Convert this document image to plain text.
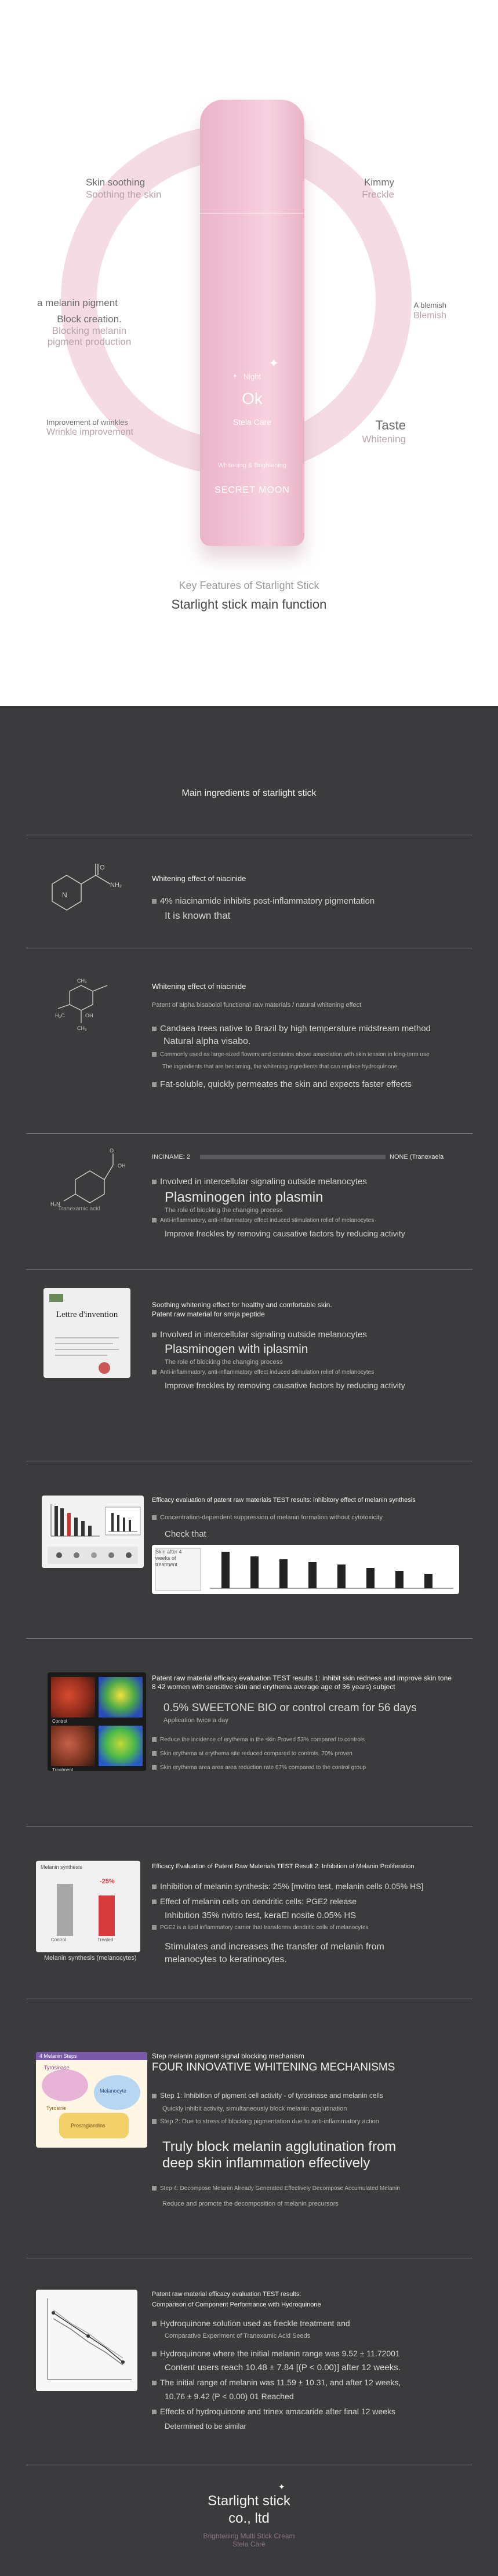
Night
✦
✦
Ok
Stela Care
Whitening & Brightening
SECRET MOON
Skin soothing
Soothing the skin
Kimmy
Freckle
a melanin pigment
Block creation.
Blocking melanin pigment production
A blemish
Blemish
Improvement of wrinkles
Wrinkle improvement	Taste
Whitening
Key Features of Starlight Stick
Starlight stick main function
Main ingredients of starlight stick
N
O
NH₂
Whitening effect of niacinide
4% niacinamide inhibits post-inflammatory pigmentation
It is known that
CH₃
H₃C	OH
CH₃
Whitening effect of niacinide
Patent of alpha bisabolol functional raw materials / natural whitening effect
Candaea trees native to Brazil by high temperature midstream method
Natural alpha visabo.
Commonly used as large-sized flowers and contains above association with skin tension in long-term use
The ingredients that are becoming, the whitening ingredients that can replace hydroquinone,
Fat-soluble, quickly permeates the skin and expects faster effects
O
OH
H₂N
Tranexamic acid
INCINAME: 2	NONE (Tranexaela
Involved in intercellular signaling outside melanocytes
Plasminogen into plasmin
The role of blocking the changing process
Anti-inflammatory, anti-inflammatory effect induced stimulation relief of melanocytes
Improve freckles by removing causative factors by reducing activity
Lettre d'invention
Soothing whitening effect for healthy and comfortable skin.
Patent raw material for smija peptide
Involved in intercellular signaling outside melanocytes
Plasminogen with iplasmin
The role of blocking the changing process
Anti-inflammatory, anti-inflammatory effect induced stimulation relief of melanocytes
Improve freckles by removing causative factors by reducing activity
Efficacy evaluation of patent raw materials TEST results: inhibitory effect of melanin synthesis
Concentration-dependent suppression of melanin formation without cytotoxicity
Check that
Skin after 4 weeks of treatment
Control
Treatment
Patent raw material efficacy evaluation TEST results 1: inhibit skin redness and improve skin tone 8 42 women with sensitive skin and erythema average age of 36 years) subject
0.5% SWEETONE BIO or control cream for 56 days
Application twice a day
Reduce the incidence of erythema in the skin Proved 53% compared to controls
Skin erythema at erythema site reduced compared to controls, 70% proven
Skin erythema area area area reduction rate 67% compared to the control group
Melanin synthesis
-25%
Control	Treated
Melanin synthesis (melanocytes)
Efficacy Evaluation of Patent Raw Materials TEST Result 2: Inhibition of Melanin Proliferation
Inhibition of melanin synthesis: 25% [mvitro test, melanin cells 0.05% HS]
Effect of melanin cells on dendritic cells: PGE2 release
Inhibition 35% nvitro test, keraEl nosite 0.05% HS
PGE2 is a lipid inflammatory carrier that transforms dendritic cells of melanocytes
Stimulates and increases the transfer of melanin from
melanocytes to keratinocytes.
4 Melanin Steps
Tyrosinase
Melanocyte
Tyrosine
Prostaglandins
Step melanin pigment signal blocking mechanism
FOUR INNOVATIVE WHITENING MECHANISMS
Step 1: Inhibition of pigment cell activity - of tyrosinase and melanin cells
Quickly inhibit activity, simultaneously block melanin agglutination
Step 2: Due to stress of blocking pigmentation due to anti-inflammatory action
Truly block melanin agglutination from
deep skin inflammation effectively
Step 4: Decompose Melanin Already Generated Effectively Decompose Accumulated Melanin
Reduce and promote the decomposition of melanin precursors
Patent raw material efficacy evaluation TEST results:
Comparison of Component Performance with Hydroquinone
Hydroquinone solution used as freckle treatment and
Comparative Experiment of Tranexamic Acid Seeds
Hydroquinone where the initial melanin range was 9.52 ± 11.72001
Content users reach 10.48 ± 7.84 [(P < 0.00)] after 12 weeks.
The initial range of melanin was 11.59 ± 10.31, and after 12 weeks,
10.76 ± 9.42 (P < 0.00) 01 Reached
Effects of hydroquinone and trinex amacaride after final 12 weeks
Determined to be similar
✦
Starlight stick
co., ltd
Brightening Multi Stick Cream
Stela Care
